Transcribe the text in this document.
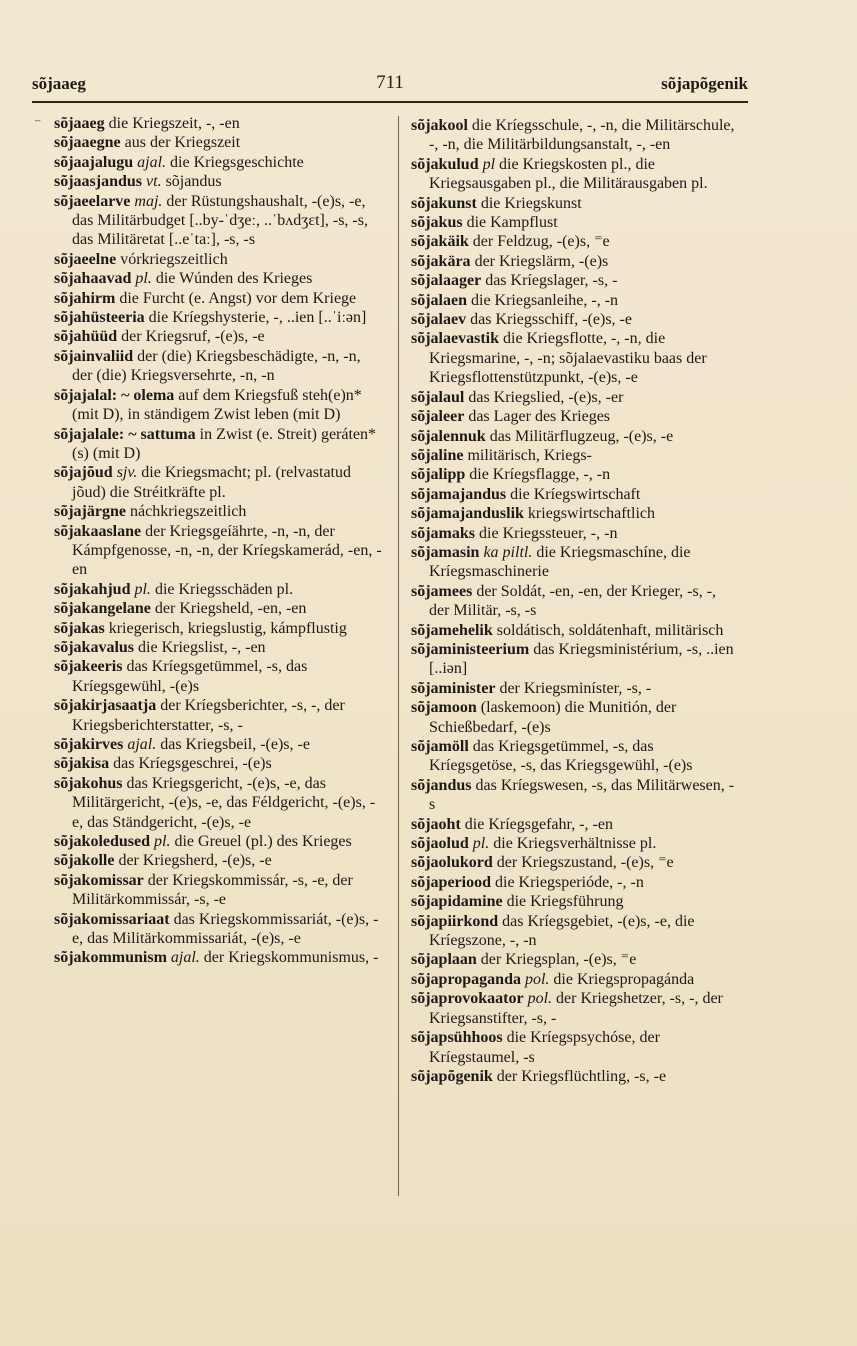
sõjaaeg	711	sõjapõgenik
⁻ sõjaaeg die Kriegszeit, -, -en

sõjaaegne aus der Kriegszeit

sõjaajalugu ajal. die Kriegsgeschichte

sõjaasjandus vt. sõjandus

sõjaeelarve maj. der Rüstungshaushalt, -(e)s, -e, das Militärbudget [..by-ˈdʒeː, ..ˈbʌdʒɛt], -s, -s, das Militäretat [..eˈtaː], -s, -s

sõjaeelne vórkriegszeitlich

sõjahaavad pl. die Wúnden des Krieges

sõjahirm die Furcht (e. Angst) vor dem Kriege

sõjahüsteeria die Kríegshysterie, -, ..ien [..ˈiːən]

sõjahüüd der Kriegsruf, -(e)s, -e

sõjainvaliid der (die) Kriegsbeschädigte, -n, -n, der (die) Kriegsversehrte, -n, -n

sõjajalal: ~ olema auf dem Kriegsfuß steh(e)n* (mit D), in ständigem Zwist leben (mit D)

sõjajalale: ~ sattuma in Zwist (e. Streit) geráten* (s) (mit D)

sõjajõud sjv. die Kriegsmacht; pl. (relvastatud jõud) die Stréitkräfte pl.

sõjajärgne náchkriegszeitlich

sõjakaaslane der Kriegsgeíährte, -n, -n, der Kámpfgenosse, -n, -n, der Kríegskamerád, -en, -en

sõjakahjud pl. die Kriegsschäden pl.

sõjakangelane der Kriegsheld, -en, -en

sõjakas kriegerisch, kriegslustig, kámpflustig

sõjakavalus die Kriegslist, -, -en

sõjakeeris das Kríegsgetümmel, -s, das Kríegsgewühl, -(e)s

sõjakirjasaatja der Kríegsberichter, -s, -, der Kriegsberichterstatter, -s, -

sõjakirves ajal. das Kriegsbeil, -(e)s, -e

sõjakisa das Kríegsgeschrei, -(e)s

sõjakohus das Kriegsgericht, -(e)s, -e, das Militärgericht, -(e)s, -e, das Féldgericht, -(e)s, -e, das Ständgericht, -(e)s, -e

sõjakoledused pl. die Greuel (pl.) des Krieges

sõjakolle der Kriegsherd, -(e)s, -e

sõjakomissar der Kriegskommissár, -s, -e, der Militärkommissár, -s, -e

sõjakomissariaat das Kriegskommissariát, -(e)s, -e, das Militärkommissariát, -(e)s, -e

sõjakommunism ajal. der Kriegskommunismus, -

sõjakool die Kríegsschule, -, -n, die Militärschule, -, -n, die Militärbildungsanstalt, -, -en

sõjakulud pl die Kriegskosten pl., die Kriegsausgaben pl., die Militärausgaben pl.

sõjakunst die Kriegskunst

sõjakus die Kampflust

sõjakäik der Feldzug, -(e)s, ⁼e

sõjakära der Kriegslärm, -(e)s

sõjalaager das Kríegslager, -s, -

sõjalaen die Kriegsanleihe, -, -n

sõjalaev das Kriegsschiff, -(e)s, -e

sõjalaevastik die Kriegsflotte, -, -n, die Kriegsmarine, -, -n; sõjalaevastiku baas der Kriegsflottenstützpunkt, -(e)s, -e

sõjalaul das Kriegslied, -(e)s, -er

sõjaleer das Lager des Krieges

sõjalennuk das Militärflugzeug, -(e)s, -e

sõjaline militärisch, Kriegs-

sõjalipp die Kríegsflagge, -, -n

sõjamajandus die Kríegswirtschaft

sõjamajanduslik kriegswirtschaftlich

sõjamaks die Kriegssteuer, -, -n

sõjamasin ka piltl. die Kriegsmaschíne, die Kríegsmaschinerie

sõjamees der Soldát, -en, -en, der Krieger, -s, -, der Militär, -s, -s

sõjamehelik soldátisch, soldátenhaft, militärisch

sõjaministeerium das Kriegsministérium, -s, ..ien [..iən]

sõjaminister der Kriegsminíster, -s, -

sõjamoon (laskemoon) die Munitión, der Schießbedarf, -(e)s

sõjamöll das Kriegsgetümmel, -s, das Kríegsgetöse, -s, das Kriegsgewühl, -(e)s

sõjandus das Kríegswesen, -s, das Militärwesen, -s

sõjaoht die Kríegsgefahr, -, -en

sõjaolud pl. die Kriegsverhältnisse pl.

sõjaolukord der Kriegszustand, -(e)s, ⁼e

sõjaperiood die Kriegsperióde, -, -n

sõjapidamine die Kriegsführung

sõjapiirkond das Kríegsgebiet, -(e)s, -e, die Kríegszone, -, -n

sõjaplaan der Kriegsplan, -(e)s, ⁼e

sõjapropaganda pol. die Kriegspropagánda

sõjaprovokaator pol. der Kriegshetzer, -s, -, der Kriegsanstifter, -s, -

sõjapsühhoos die Kríegspsychóse, der Kríegstaumel, -s

sõjapõgenik der Kriegsflüchtling, -s, -e
